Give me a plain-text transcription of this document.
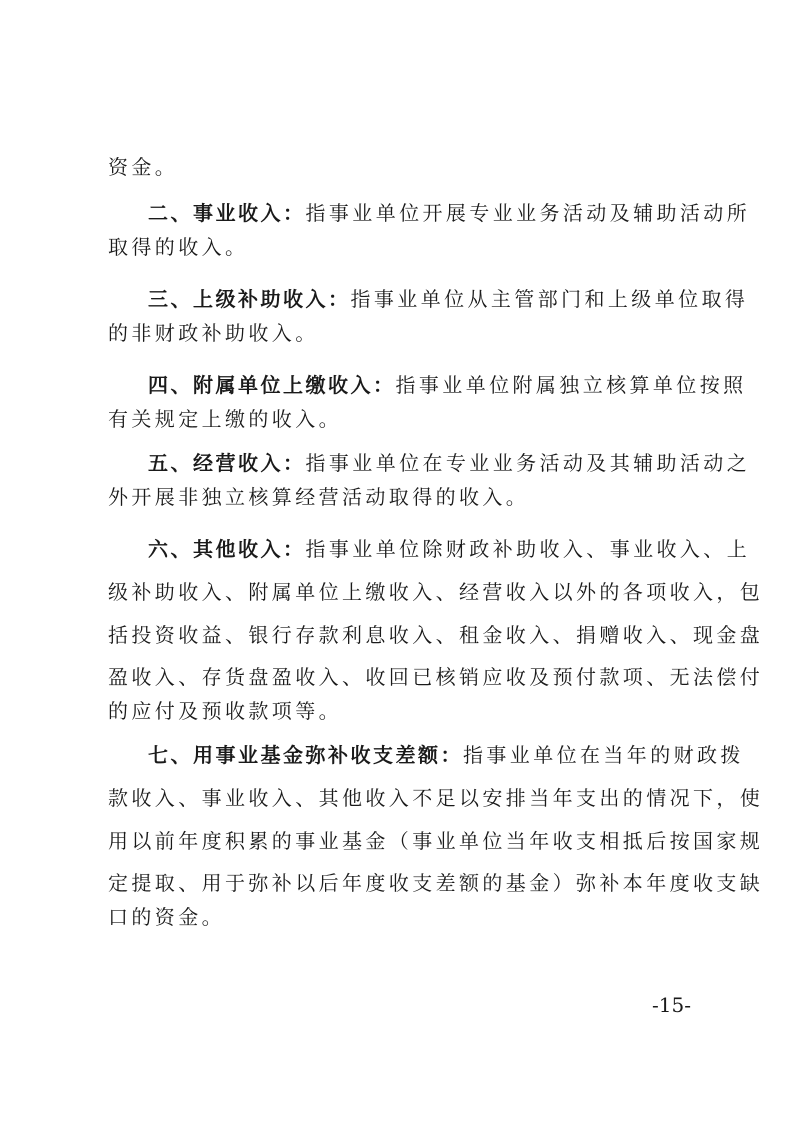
资金。
二、事业收入：指事业单位开展专业业务活动及辅助活动所
取得的收入。
三、上级补助收入：指事业单位从主管部门和上级单位取得
的非财政补助收入。
四、附属单位上缴收入：指事业单位附属独立核算单位按照
有关规定上缴的收入。
五、经营收入：指事业单位在专业业务活动及其辅助活动之
外开展非独立核算经营活动取得的收入。
六、其他收入：指事业单位除财政补助收入、事业收入、上
级补助收入、附属单位上缴收入、经营收入以外的各项收入，包
括投资收益、银行存款利息收入、租金收入、捐赠收入、现金盘
盈收入、存货盘盈收入、收回已核销应收及预付款项、无法偿付
的应付及预收款项等。
七、用事业基金弥补收支差额：指事业单位在当年的财政拨
款收入、事业收入、其他收入不足以安排当年支出的情况下，使
用以前年度积累的事业基金（事业单位当年收支相抵后按国家规
定提取、用于弥补以后年度收支差额的基金）弥补本年度收支缺
口的资金。
-15-
